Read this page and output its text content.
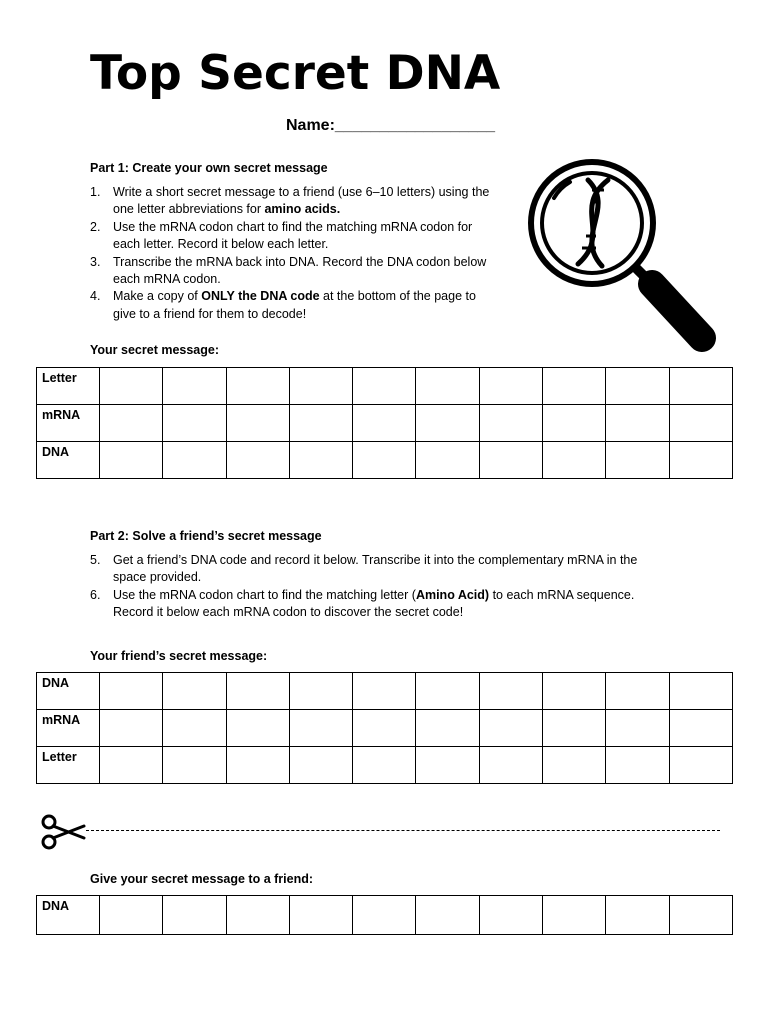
Top Secret DNA
Name:__________________
Part 1: Create your own secret message
1. Write a short secret message to a friend (use 6–10 letters) using the one letter abbreviations for amino acids.
2. Use the mRNA codon chart to find the matching mRNA codon for each letter. Record it below each letter.
3. Transcribe the mRNA back into DNA. Record the DNA codon below each mRNA codon.
4. Make a copy of ONLY the DNA code at the bottom of the page to give to a friend for them to decode!
Your secret message:
Letter										
mRNA										
DNA										
Part 2: Solve a friend’s secret message
5. Get a friend’s DNA code and record it below. Transcribe it into the complementary mRNA in the space provided.
6. Use the mRNA codon chart to find the matching letter (Amino Acid) to each mRNA sequence. Record it below each mRNA codon to discover the secret code!
Your friend’s secret message:
DNA										
mRNA										
Letter										
Give your secret message to a friend:
DNA										
